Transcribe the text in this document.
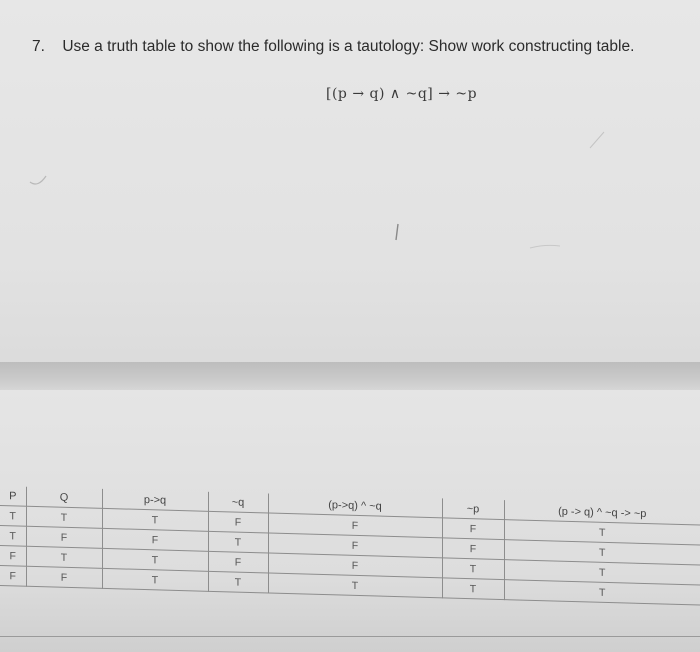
7. Use a truth table to show the following is a tautology: Show work constructing table.
[(p → q) ∧ ~q] → ~p
P	Q	p->q	~q	(p->q) ^ ~q	~p	(p -> q) ^ ~q -> ~p
T	T	T	F	F	F	T
T	F	F	T	F	F	T
F	T	T	F	F	T	T
F	F	T	T	T	T	T
